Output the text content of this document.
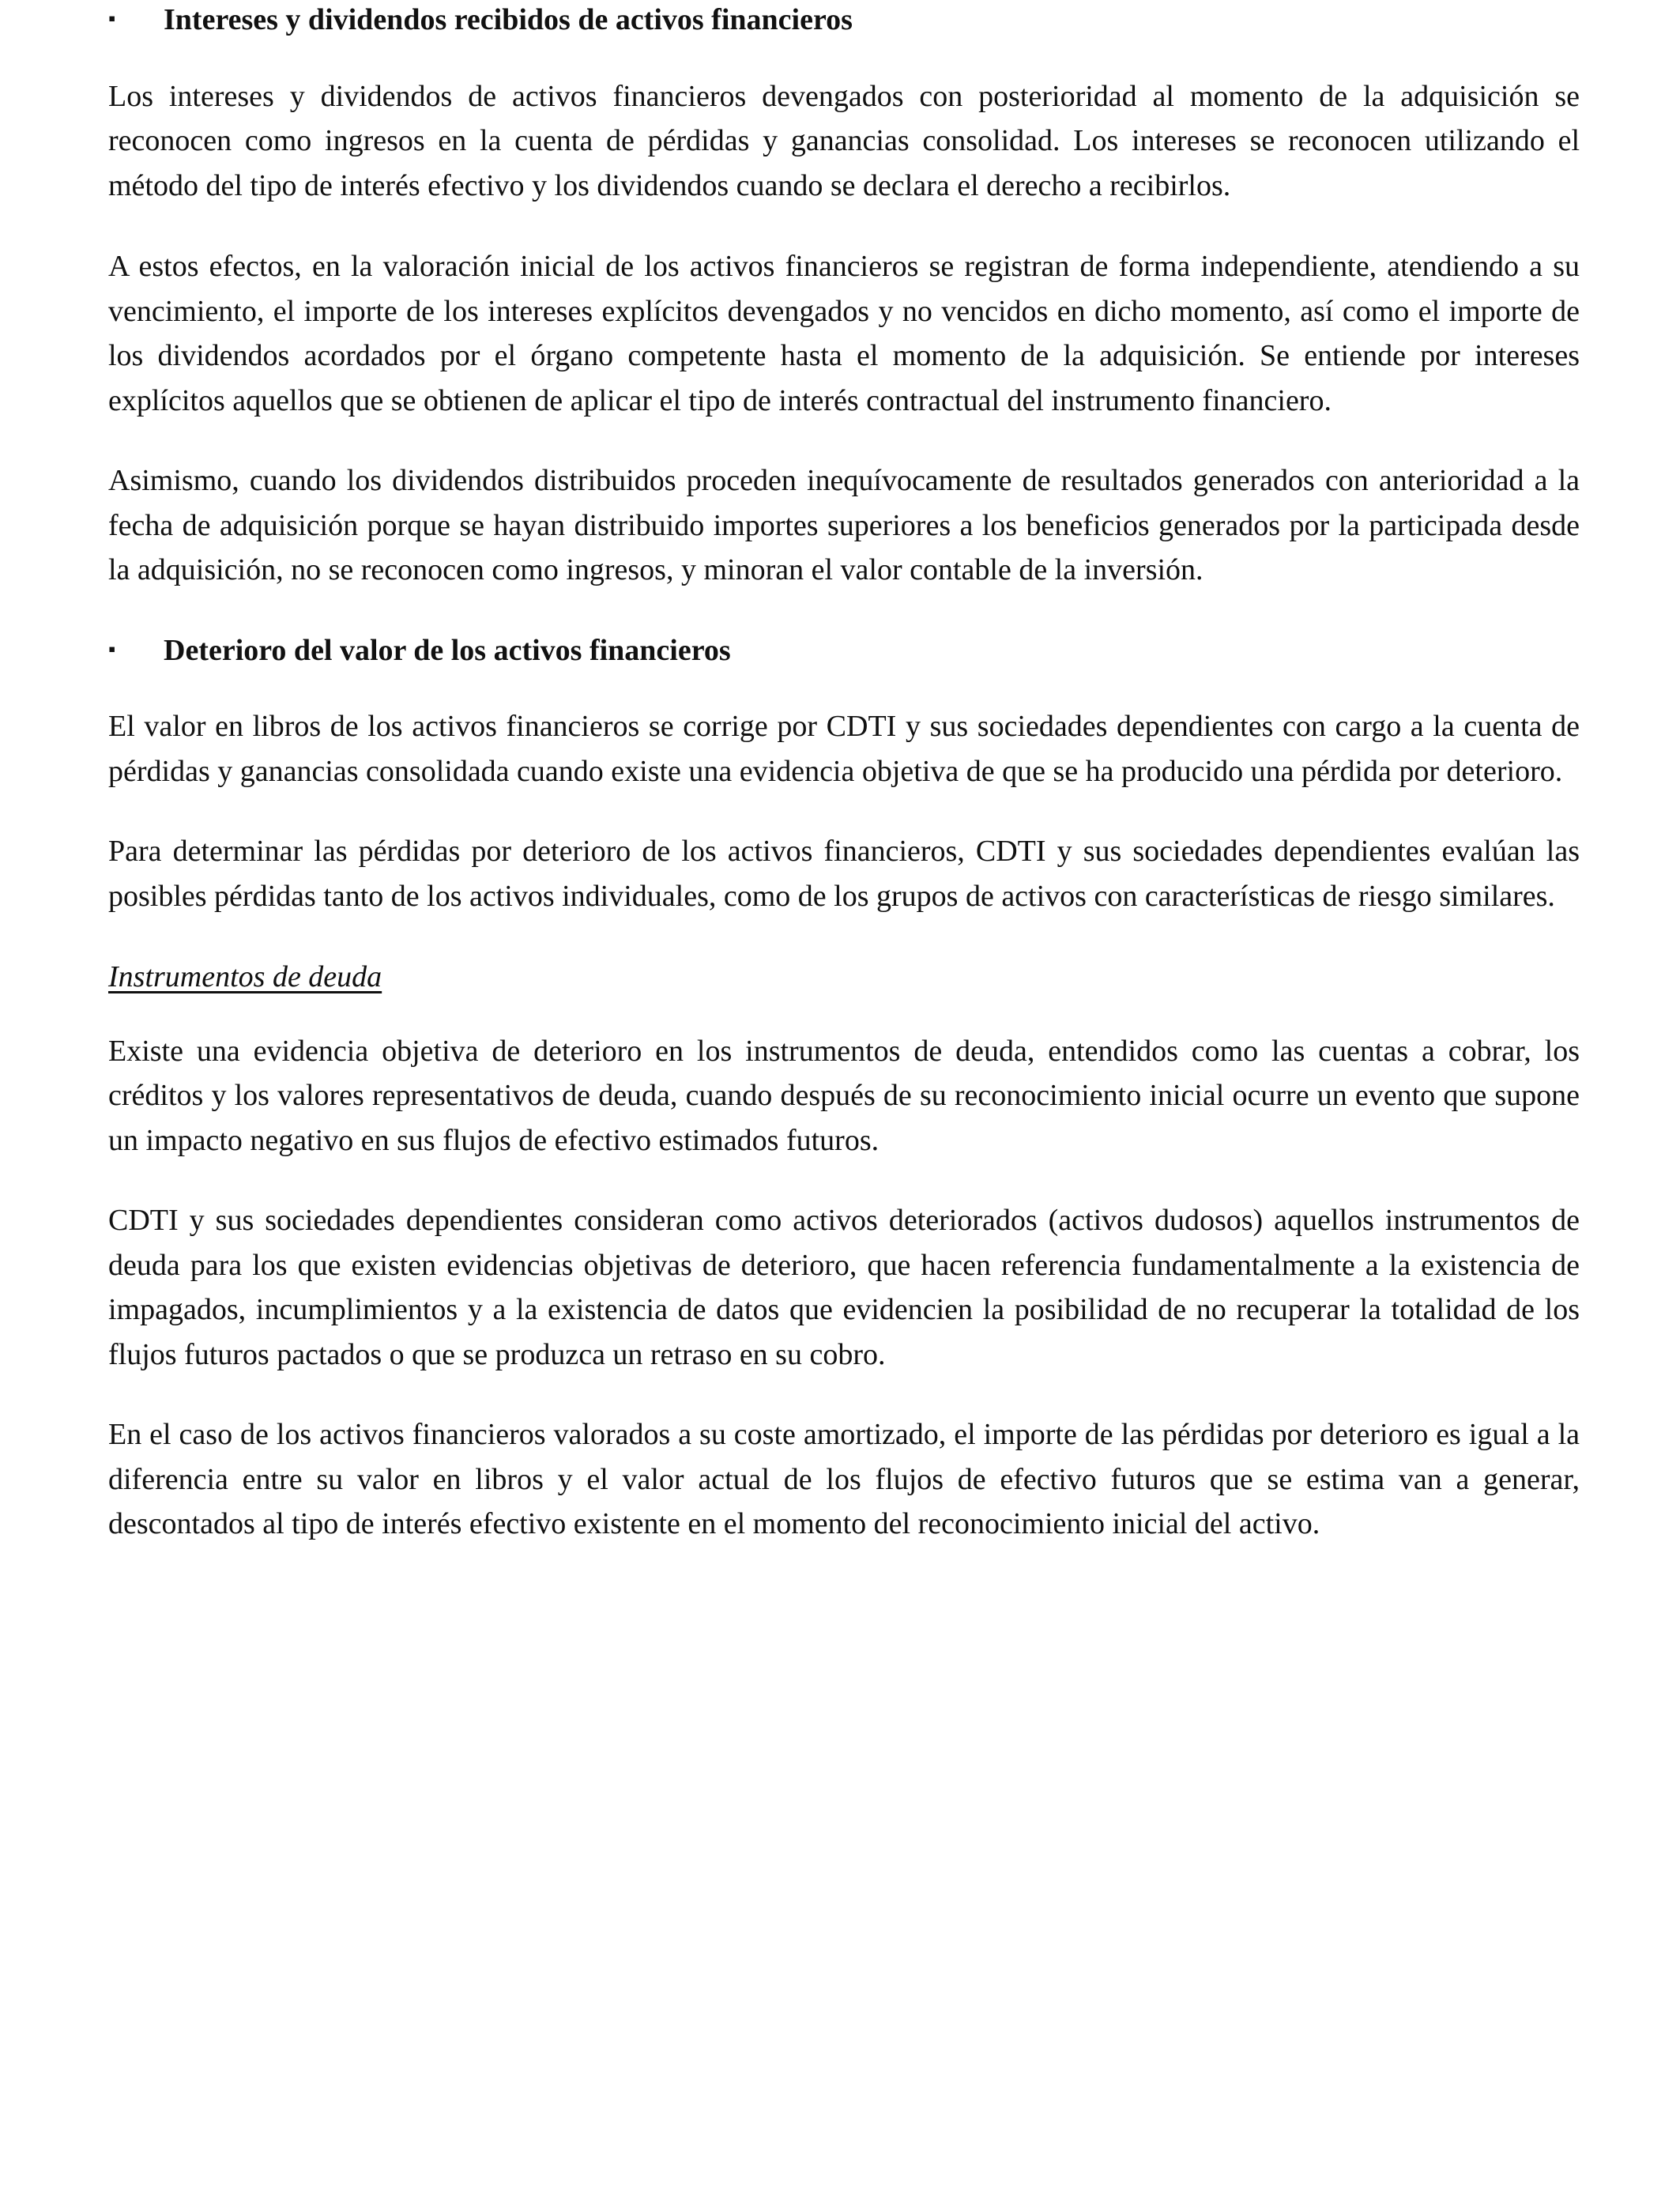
▪	Intereses y dividendos recibidos de activos financieros

Los intereses y dividendos de activos financieros devengados con posterioridad al momento de la adquisición se reconocen como ingresos en la cuenta de pérdidas y ganancias consolidad. Los intereses se reconocen utilizando el método del tipo de interés efectivo y los dividendos cuando se declara el derecho a recibirlos.

A estos efectos, en la valoración inicial de los activos financieros se registran de forma independiente, atendiendo a su vencimiento, el importe de los intereses explícitos devengados y no vencidos en dicho momento, así como el importe de los dividendos acordados por el órgano competente hasta el momento de la adquisición. Se entiende por intereses explícitos aquellos que se obtienen de aplicar el tipo de interés contractual del instrumento financiero.

Asimismo, cuando los dividendos distribuidos proceden inequívocamente de resultados generados con anterioridad a la fecha de adquisición porque se hayan distribuido importes superiores a los beneficios generados por la participada desde la adquisición, no se reconocen como ingresos, y minoran el valor contable de la inversión.

▪	Deterioro del valor de los activos financieros

El valor en libros de los activos financieros se corrige por CDTI y sus sociedades dependientes con cargo a la cuenta de pérdidas y ganancias consolidada cuando existe una evidencia objetiva de que se ha producido una pérdida por deterioro.

Para determinar las pérdidas por deterioro de los activos financieros, CDTI y sus sociedades dependientes evalúan las posibles pérdidas tanto de los activos individuales, como de los grupos de activos con características de riesgo similares.

Instrumentos de deuda

Existe una evidencia objetiva de deterioro en los instrumentos de deuda, entendidos como las cuentas a cobrar, los créditos y los valores representativos de deuda, cuando después de su reconocimiento inicial ocurre un evento que supone un impacto negativo en sus flujos de efectivo estimados futuros.

CDTI y sus sociedades dependientes consideran como activos deteriorados (activos dudosos) aquellos instrumentos de deuda para los que existen evidencias objetivas de deterioro, que hacen referencia fundamentalmente a la existencia de impagados, incumplimientos y a la existencia de datos que evidencien la posibilidad de no recuperar la totalidad de los flujos futuros pactados o que se produzca un retraso en su cobro.

En el caso de los activos financieros valorados a su coste amortizado, el importe de las pérdidas por deterioro es igual a la diferencia entre su valor en libros y el valor actual de los flujos de efectivo futuros que se estima van a generar, descontados al tipo de interés efectivo existente en el momento del reconocimiento inicial del activo.
